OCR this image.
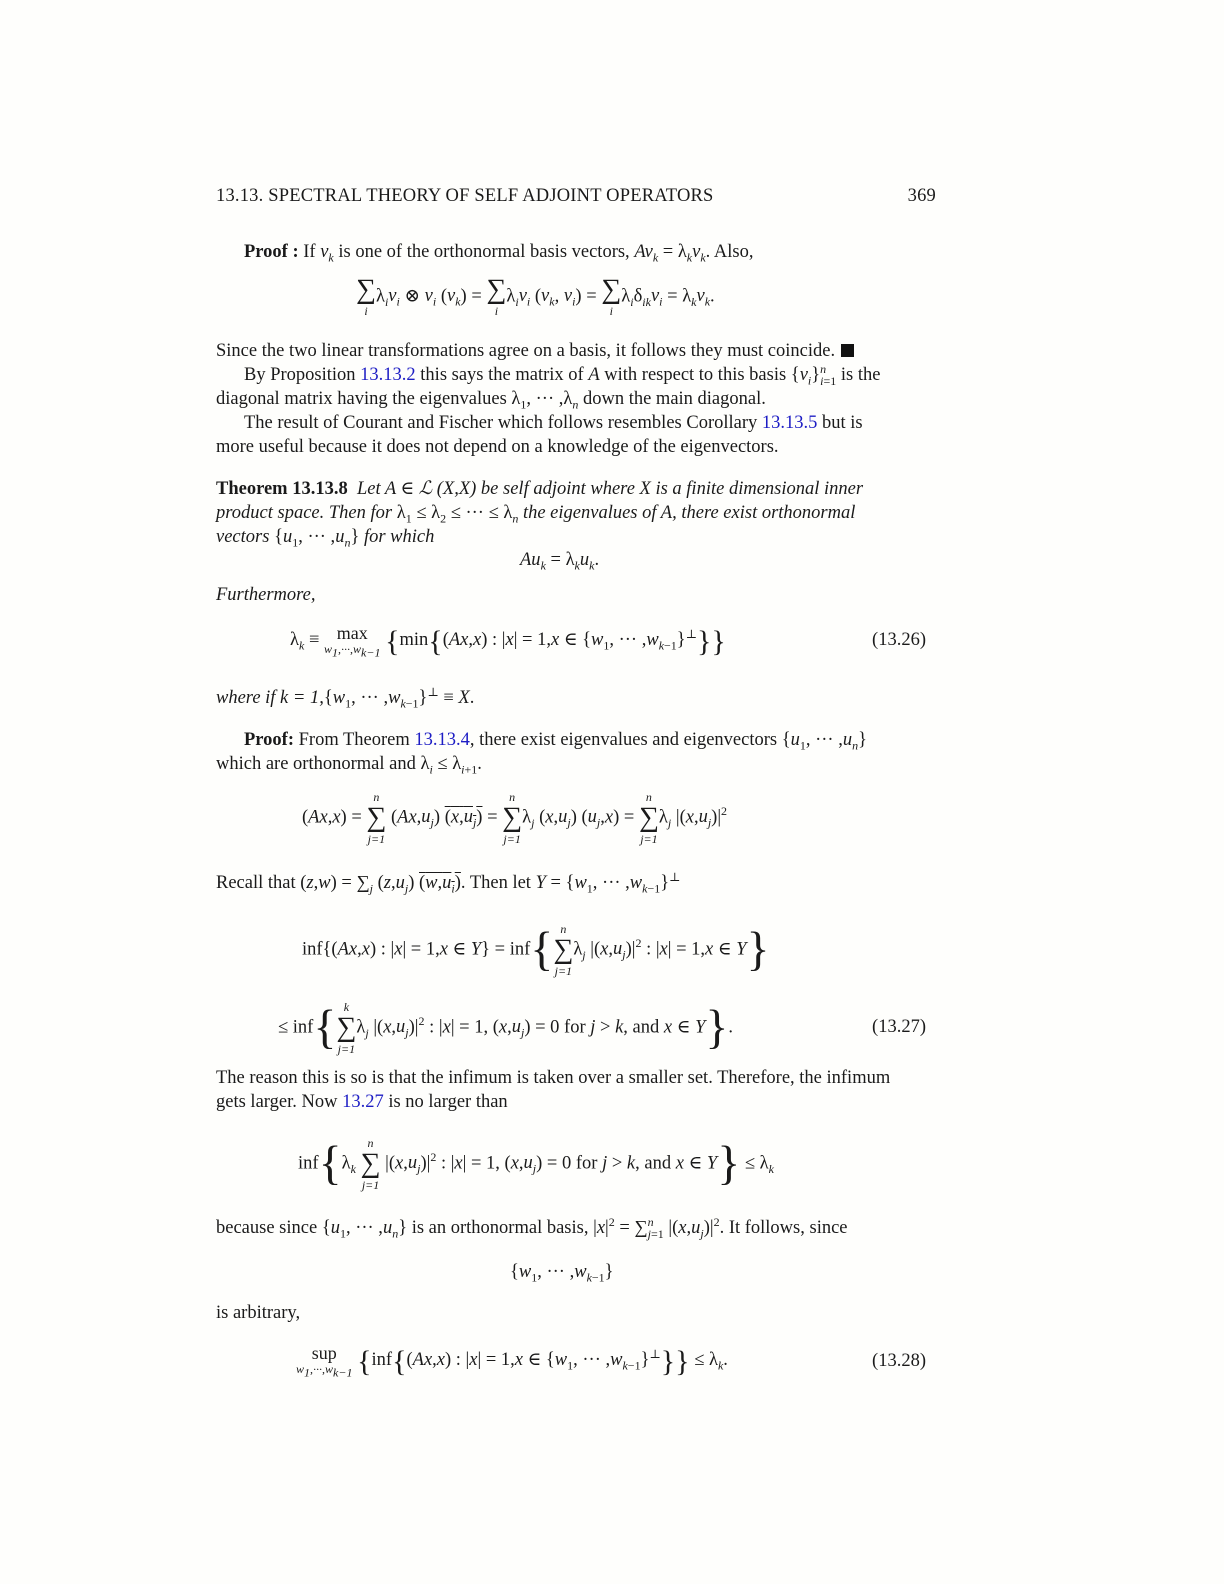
13.13. SPECTRAL THEORY OF SELF ADJOINT OPERATORS	369
Proof : If $v_k$ is one of the orthonormal basis vectors, $Av_k = \lambda_kv_k$. Also,
∑
i
$\lambda_iv_i$ ⊗ $v_i$ $(v_k)$ = ∑
i
$\lambda_iv_i$ ($v_k$, $v_i$) = ∑
i
$\lambda_i\delta_{ik}v_i = \lambda_kv_k$.
Since the two linear transformations agree on a basis, it follows they must coincide.
By Proposition 13.13.2 this says the matrix of A with respect to this basis $\{v_i\}^n_{i=1}$ is the
diagonal matrix having the eigenvalues $\lambda_1$, ··· $,\lambda_n$ down the main diagonal.
The result of Courant and Fischer which follows resembles Corollary 13.13.5 but is
more useful because it does not depend on a knowledge of the eigenvectors.
Theorem 13.13.8 Let A ∈ ℒ (X,X) be self adjoint where X is a finite dimensional inner
product space. Then for $\lambda_1 \le \lambda_2$ ≤ ··· ≤ $\lambda_n$ the eigenvalues of A, there exist orthonormal
vectors {$u_1$, ··· $,u_n$} for which
$Au_k = \lambda_ku_k$.
Furthermore,
$\lambda_k \equiv \max$
$w_1,\cdot\cdot\cdot,w_{k-1}$ {min{(Ax,x) : |x| = 1,x ∈ {$w_1$, ··· $,w_{k-1}\}^\perp$}}	(13.26)
where if $k = 1,\{w_1$, ··· $,w_{k-1}\}^\perp \equiv X$.
Proof: From Theorem 13.13.4, there exist eigenvalues and eigenvectors {$u_1$, ··· $,u_n$}
which are orthonormal and $\lambda_i \le \lambda_{i+1}$.
(Ax,x) =
n
∑
j=1
$(Ax,u_j) (x,u_j)$ =
n
∑
j=1
$\lambda_j$ $(x,u_j) (u_j,x)$ =
n
∑
j=1
$\lambda_j$ $|(x,u_j)|^2$
Recall that $(z,w) = \sum_j$ $(z,u_j)$ $(w,u_i)$. Then let $Y = \{w_1$, ··· $,w_{k-1}\}^\perp$
inf{(Ax,x) : |x| = 1,x ∈ Y} = inf{ n
∑
j=1
$\lambda_j$ $|(x,u_j)|^2$ : |x| = 1,x ∈ Y}
≤ inf{ k
∑
j=1
$\lambda_j$ $|(x,u_j)|^2$ : |x| = 1, $(x,u_j) = 0$ for j > k, and x ∈ Y}.	(13.27)
The reason this is so is that the infimum is taken over a smaller set. Therefore, the infimum
gets larger. Now 13.27 is no larger than
$inf\{\lambda_k$
n
∑
j=1
$|(x,u_j)|^2$ : |x| = 1, $(x,u_j) = 0$ for j > k, and x ∈ $Y\} \le \lambda_k$
because since {$u_1$, ··· $,u_n$} is an orthonormal basis, $|x|^2 = \sum^n_{j=1}$ $|(x,u_j)|^2$. It follows, since
{$w_1$, ··· $,w_{k-1}$}
is arbitrary,
sup
$w_1,\cdot\cdot\cdot,w_{k-1}$ {inf{(Ax,x) : |x| = 1,x ∈ {$w_1$, ··· $,w_{k-1}\}^\perp\}\} \le \lambda_k$.	(13.28)
